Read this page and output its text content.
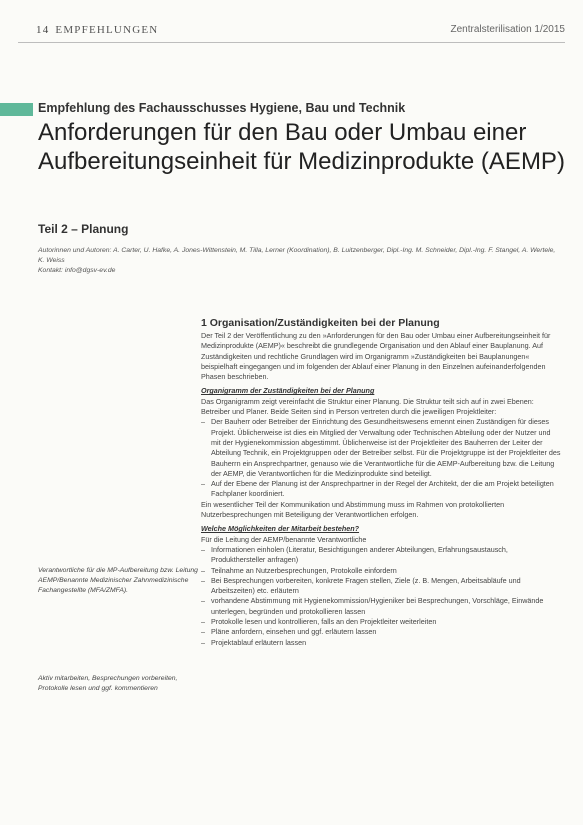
14 EMPFEHLUNGEN	Zentralsterilisation 1/2015
Empfehlung des Fachausschusses Hygiene, Bau und Technik
Anforderungen für den Bau oder Umbau einer Aufbereitungseinheit für Medizinprodukte (AEMP)
Teil 2 – Planung
Autorinnen und Autoren: A. Carter, U. Hafke, A. Jones-Wittenstein, M. Tilla, Lerner (Koordination), B. Luitzenberger, Dipl.-Ing. M. Schneider, Dipl.-Ing. F. Stangel, A. Wertele, K. Weiss
Kontakt: info@dgsv-ev.de
1 Organisation/Zuständigkeiten bei der Planung
Der Teil 2 der Veröffentlichung zu den »Anforderungen für den Bau oder Umbau einer Aufbereitungseinheit für Medizinprodukte (AEMP)« beschreibt die grundlegende Organisation und den Ablauf einer Bauplanung. Auf Zuständigkeiten und rechtliche Grundlagen wird im Organigramm »Zuständigkeiten bei Bauplanungen« beispielhaft eingegangen und im folgenden der Ablauf einer Planung in den Einzelnen aufeinanderfolgenden Phasen beschrieben.
Organigramm der Zuständigkeiten bei der Planung
Das Organigramm zeigt vereinfacht die Struktur einer Planung. Die Struktur teilt sich auf in zwei Ebenen: Betreiber und Planer. Beide Seiten sind in Person vertreten durch die jeweiligen Projektleiter:
– Der Bauherr oder Betreiber der Einrichtung des Gesundheitswesens ernennt einen Zuständigen für dieses Projekt. Üblicherweise ist dies ein Mitglied der Verwaltung oder Technischen Abteilung oder der Nutzer und mit der Hygienekommission abgestimmt. Üblicherweise ist der Projektleiter des Bauherren der Leiter der Abteilung Technik, ein Projektgruppen oder der Betreiber selbst. Für die Projektgruppe ist der Projektleiter des Bauherrn ein Ansprechpartner, genauso wie die Verantwortliche für die AEMP-Aufbereitung bzw. die Leitung der AEMP, die Verantwortlichen für die Medizinprodukte sind beteiligt.
– Auf der Ebene der Planung ist der Ansprechpartner in der Regel der Architekt, der die am Projekt beteiligten Fachplaner koordiniert.
Ein wesentlicher Teil der Kommunikation und Abstimmung muss im Rahmen von protokollierten Nutzerbesprechungen mit Beteiligung der Verantwortlichen erfolgen.
Welche Möglichkeiten der Mitarbeit bestehen?
Für die Leitung der AEMP/benannte Verantwortliche
– Informationen einholen (Literatur, Besichtigungen anderer Abteilungen, Erfahrungsaustausch, Produkthersteller anfragen)
– Teilnahme an Nutzerbesprechungen, Protokolle einfordern
– Bei Besprechungen vorbereiten, konkrete Fragen stellen, Ziele (z. B. Mengen, Arbeitsabläufe und Arbeitszeiten) etc. erläutern
– vorhandene Abstimmung mit Hygienekommission/Hygieniker bei Besprechungen, Vorschläge, Einwände unterlegen, begründen und protokollieren lassen
– Protokolle lesen und kontrollieren, falls an den Projektleiter weiterleiten
– Pläne anfordern, einsehen und ggf. erläutern lassen
– Projektablauf erläutern lassen
Verantwortliche für die MP-Aufbereitung bzw. Leitung AEMP/Benannte Medizinischer Zahnmedizinische Fachangestellte (MFA/ZMFA).
Aktiv mitarbeiten, Besprechungen vorbereiten, Protokolle lesen und ggf. kommentieren
